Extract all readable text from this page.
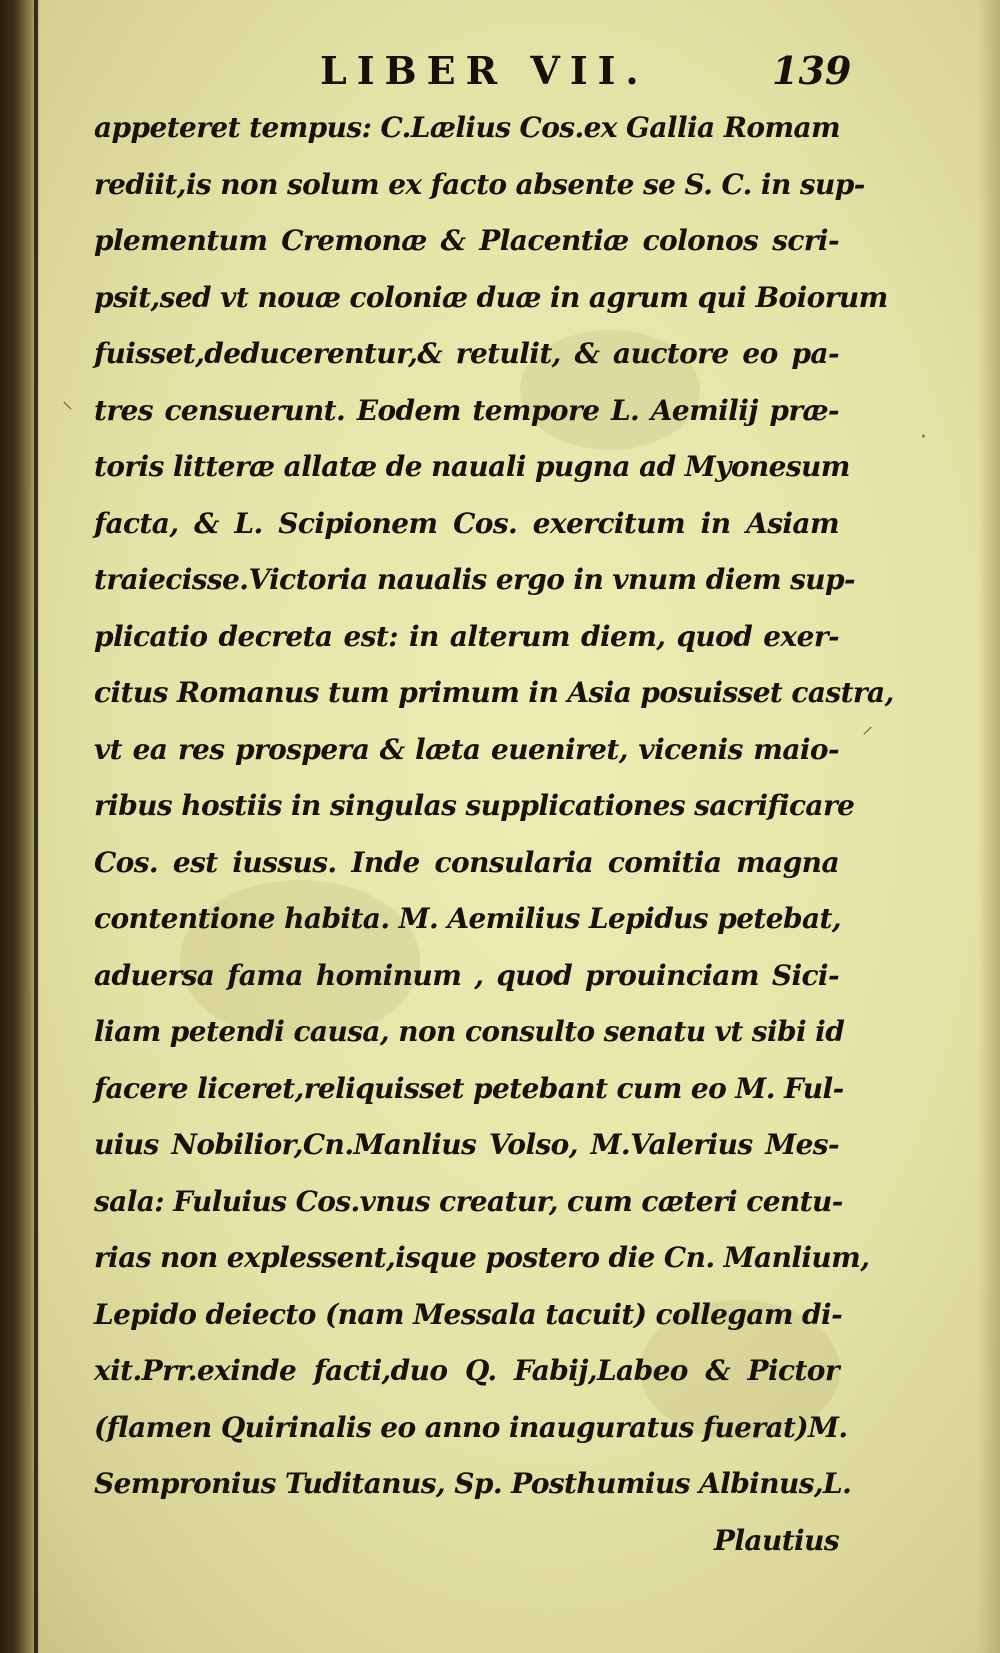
⸜
·
⸝
LIBER VII.	139
appeteret tempus: C.Lælius Cos.ex Gallia Romam
rediit,is non solum ex facto absente se S. C. in sup-
plementum Cremonæ & Placentiæ colonos scri-
psit,sed vt nouæ coloniæ duæ in agrum qui Boiorum
fuisset,deducerentur,& retulit, & auctore eo pa-
tres censuerunt. Eodem tempore L. Aemilij præ-
toris litteræ allatæ de nauali pugna ad Myonesum
facta, & L. Scipionem Cos. exercitum in Asiam
traiecisse.Victoria naualis ergo in vnum diem sup-
plicatio decreta est: in alterum diem, quod exer-
citus Romanus tum primum in Asia posuisset castra,
vt ea res prospera & læta eueniret, vicenis maio-
ribus hostiis in singulas supplicationes sacrificare
Cos. est iussus. Inde consularia comitia magna
contentione habita. M. Aemilius Lepidus petebat,
aduersa fama hominum , quod prouinciam Sici-
liam petendi causa, non consulto senatu vt sibi id
facere liceret,reliquisset petebant cum eo M. Ful-
uius Nobilior,Cn.Manlius Volso, M.Valerius Mes-
sala: Fuluius Cos.vnus creatur, cum cæteri centu-
rias non explessent,isque postero die Cn. Manlium,
Lepido deiecto (nam Messala tacuit) collegam di-
xit.Prr.exinde facti,duo Q. Fabij,Labeo & Pictor
(flamen Quirinalis eo anno inauguratus fuerat)M.
Sempronius Tuditanus, Sp. Posthumius Albinus,L.
Plautius
